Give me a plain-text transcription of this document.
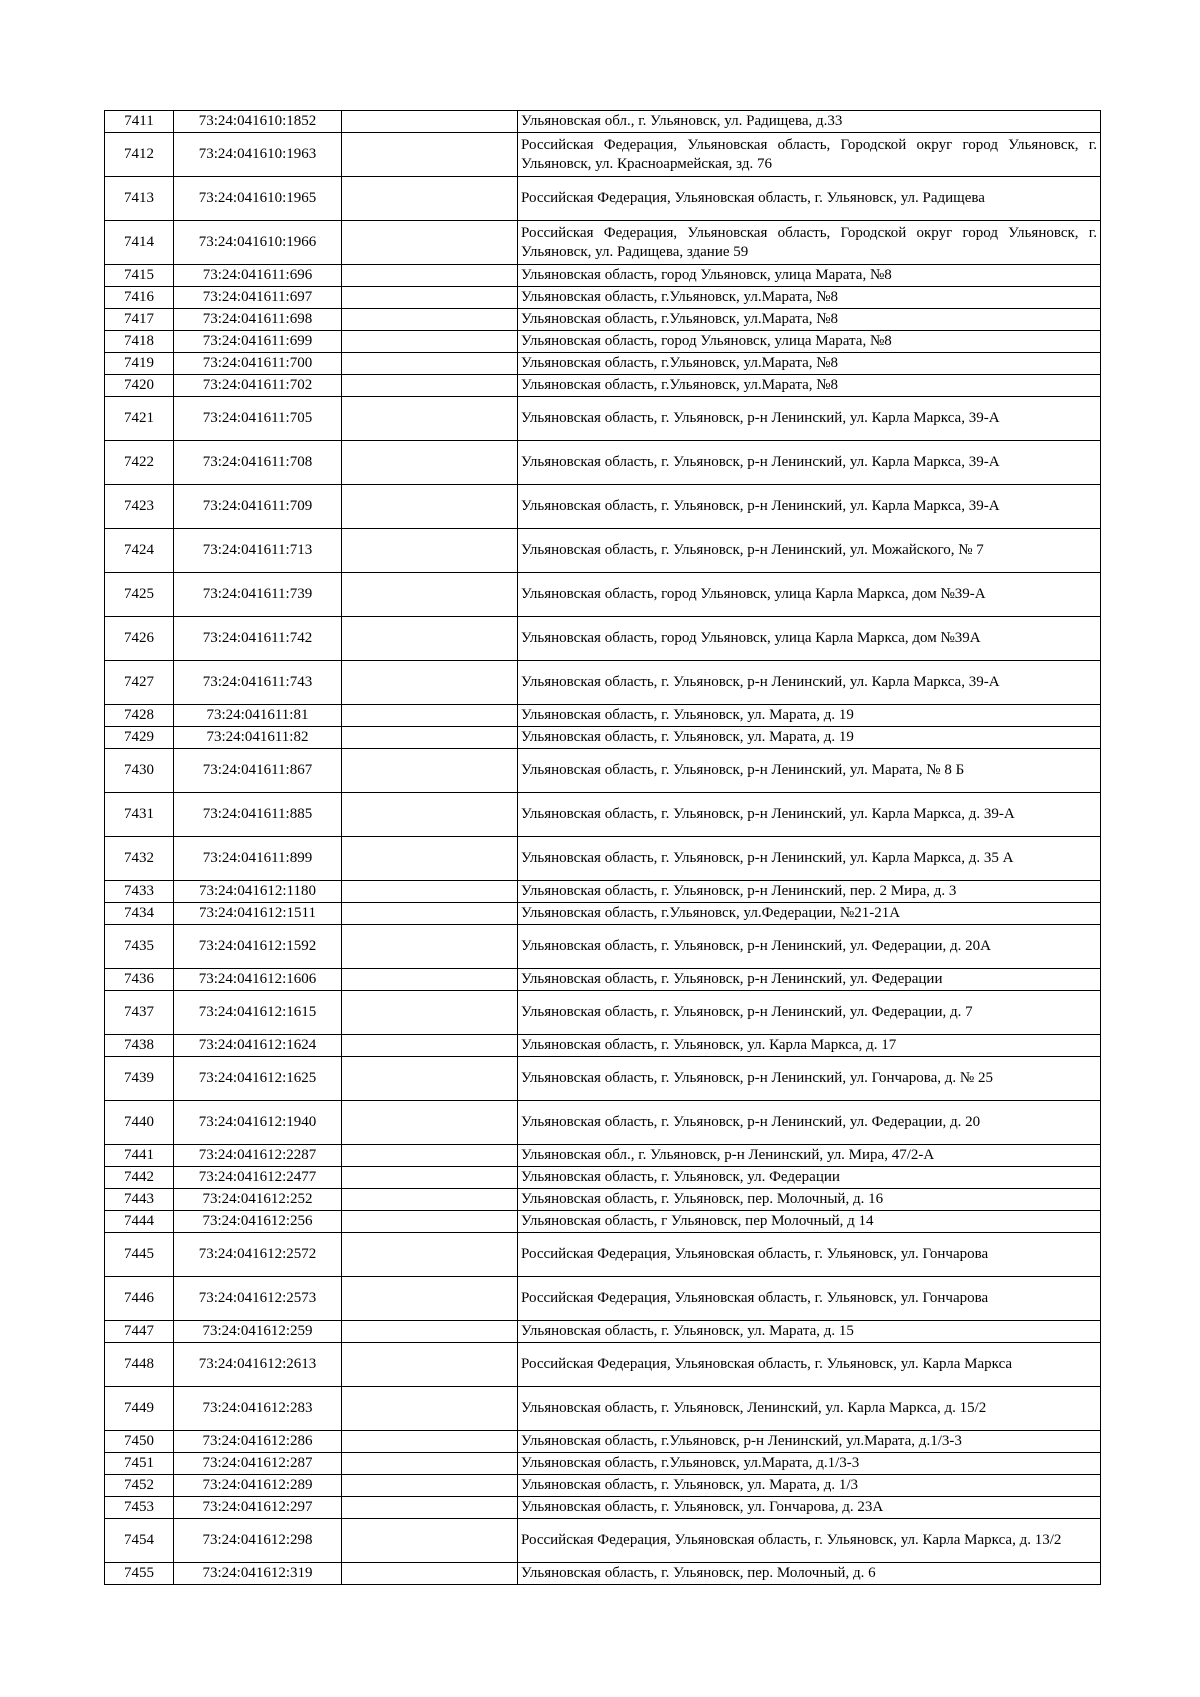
7411	73:24:041610:1852		Ульяновская обл., г. Ульяновск, ул. Радищева, д.33
7412	73:24:041610:1963		Российская Федерация, Ульяновская область, Городской округ город Ульяновск, г. Ульяновск, ул. Красноармейская, зд. 76
7413	73:24:041610:1965		Российская Федерация, Ульяновская область, г. Ульяновск, ул. Радищева
7414	73:24:041610:1966		Российская Федерация, Ульяновская область, Городской округ город Ульяновск, г. Ульяновск, ул. Радищева, здание 59
7415	73:24:041611:696		Ульяновская область, город Ульяновск, улица Марата, №8
7416	73:24:041611:697		Ульяновская область, г.Ульяновск, ул.Марата, №8
7417	73:24:041611:698		Ульяновская область, г.Ульяновск, ул.Марата, №8
7418	73:24:041611:699		Ульяновская область, город Ульяновск, улица Марата, №8
7419	73:24:041611:700		Ульяновская область, г.Ульяновск, ул.Марата, №8
7420	73:24:041611:702		Ульяновская область, г.Ульяновск, ул.Марата, №8
7421	73:24:041611:705		Ульяновская область, г. Ульяновск, р-н Ленинский, ул. Карла Маркса, 39-А
7422	73:24:041611:708		Ульяновская область, г. Ульяновск, р-н Ленинский, ул. Карла Маркса, 39-А
7423	73:24:041611:709		Ульяновская область, г. Ульяновск, р-н Ленинский, ул. Карла Маркса, 39-А
7424	73:24:041611:713		Ульяновская область, г. Ульяновск, р-н Ленинский, ул. Можайского, № 7
7425	73:24:041611:739		Ульяновская область, город Ульяновск, улица Карла Маркса, дом №39-А
7426	73:24:041611:742		Ульяновская область, город Ульяновск, улица Карла Маркса, дом №39А
7427	73:24:041611:743		Ульяновская область, г. Ульяновск, р-н Ленинский, ул. Карла Маркса, 39-А
7428	73:24:041611:81		Ульяновская область, г. Ульяновск, ул. Марата, д. 19
7429	73:24:041611:82		Ульяновская область, г. Ульяновск, ул. Марата, д. 19
7430	73:24:041611:867		Ульяновская область, г. Ульяновск, р-н Ленинский, ул. Марата, № 8 Б
7431	73:24:041611:885		Ульяновская область, г. Ульяновск, р-н Ленинский, ул. Карла Маркса, д. 39-А
7432	73:24:041611:899		Ульяновская область, г. Ульяновск, р-н Ленинский, ул. Карла Маркса, д. 35 А
7433	73:24:041612:1180		Ульяновская область, г. Ульяновск, р-н Ленинский, пер. 2 Мира, д. 3
7434	73:24:041612:1511		Ульяновская область, г.Ульяновск, ул.Федерации, №21-21А
7435	73:24:041612:1592		Ульяновская область, г. Ульяновск, р-н Ленинский, ул. Федерации, д. 20А
7436	73:24:041612:1606		Ульяновская область, г. Ульяновск, р-н Ленинский, ул. Федерации
7437	73:24:041612:1615		Ульяновская область, г. Ульяновск, р-н Ленинский, ул. Федерации, д. 7
7438	73:24:041612:1624		Ульяновская область, г. Ульяновск, ул. Карла Маркса, д. 17
7439	73:24:041612:1625		Ульяновская область, г. Ульяновск, р-н Ленинский, ул. Гончарова, д. № 25
7440	73:24:041612:1940		Ульяновская область, г. Ульяновск, р-н Ленинский, ул. Федерации, д. 20
7441	73:24:041612:2287		Ульяновская обл., г. Ульяновск, р-н Ленинский, ул. Мира, 47/2-А
7442	73:24:041612:2477		Ульяновская область, г. Ульяновск, ул. Федерации
7443	73:24:041612:252		Ульяновская область, г. Ульяновск, пер. Молочный, д. 16
7444	73:24:041612:256		Ульяновская область, г Ульяновск, пер Молочный, д 14
7445	73:24:041612:2572		Российская Федерация, Ульяновская область, г. Ульяновск, ул. Гончарова
7446	73:24:041612:2573		Российская Федерация, Ульяновская область, г. Ульяновск, ул. Гончарова
7447	73:24:041612:259		Ульяновская область, г. Ульяновск, ул. Марата, д. 15
7448	73:24:041612:2613		Российская Федерация, Ульяновская область, г. Ульяновск, ул. Карла Маркса
7449	73:24:041612:283		Ульяновская область, г. Ульяновск, Ленинский, ул. Карла Маркса, д. 15/2
7450	73:24:041612:286		Ульяновская область, г.Ульяновск, р-н Ленинский, ул.Марата, д.1/3-3
7451	73:24:041612:287		Ульяновская область, г.Ульяновск, ул.Марата, д.1/3-3
7452	73:24:041612:289		Ульяновская область, г. Ульяновск, ул. Марата, д. 1/3
7453	73:24:041612:297		Ульяновская область, г. Ульяновск, ул. Гончарова, д. 23А
7454	73:24:041612:298		Российская Федерация, Ульяновская область, г. Ульяновск, ул. Карла Маркса, д. 13/2
7455	73:24:041612:319		Ульяновская область, г. Ульяновск, пер. Молочный, д. 6
